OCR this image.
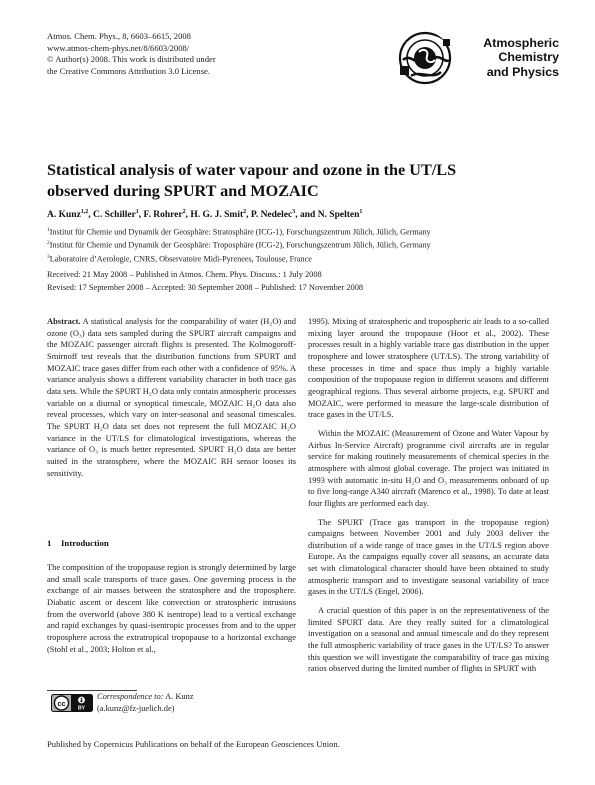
Atmos. Chem. Phys., 8, 6603–6615, 2008
www.atmos-chem-phys.net/8/6603/2008/
© Author(s) 2008. This work is distributed under
the Creative Commons Attribution 3.0 License.
Atmospheric
Chemistry
and Physics
Statistical analysis of water vapour and ozone in the UT/LS
observed during SPURT and MOZAIC
A. Kunz$^{1,2}$, C. Schiller$^1$, F. Rohrer$^2$, H. G. J. Smit$^2$, P. Nedelec$^3$, and N. Spelten$^1$
$^1$Institut für Chemie und Dynamik der Geosphäre: Stratosphäre (ICG-1), Forschungszentrum Jülich, Jülich, Germany
$^2$Institut für Chemie und Dynamik der Geosphäre: Troposphäre (ICG-2), Forschungszentrum Jülich, Jülich, Germany
$^3$Laboratoire d’Aerologie, CNRS, Observatoire Midi-Pyrenees, Toulouse, France
Received: 21 May 2008 – Published in Atmos. Chem. Phys. Discuss.: 1 July 2008
Revised: 17 September 2008 – Accepted: 30 September 2008 – Published: 17 November 2008

Abstract. A statistical analysis for the comparability of water (H₂O) and ozone (O₃) data sets sampled during the SPURT aircraft campaigns and the MOZAIC passenger aircraft flights is presented. The Kolmogoroff-Smirnoff test reveals that the distribution functions from SPURT and MOZAIC trace gases differ from each other with a confidence of 95%. A variance analysis shows a different variability character in both trace gas data sets. While the SPURT H₂O data only contain atmospheric processes variable on a diurnal or synoptical timescale, MOZAIC H₂O data also reveal processes, which vary on inter-seasonal and seasonal timescales. The SPURT H₂O data set does not represent the full MOZAIC H₂O variance in the UT/LS for climatological investigations, whereas the variance of O₃ is much better represented. SPURT H₂O data are better suited in the stratosphere, where the MOZAIC RH sensor looses its sensitivity.

1 Introduction

The composition of the tropopause region is strongly determined by large and small scale transports of trace gases. One governing process is the exchange of air masses between the stratosphere and the troposphere. Diabatic ascent or descent like convection or stratospheric intrusions from the overworld (above 380 K isentrope) lead to a vertical exchange and rapid exchanges by quasi-isentropic processes from and to the upper troposphere across the extratropical tropopause to a horizontal exchange (Stohl et al., 2003; Holton et al.,

1995). Mixing of stratospheric and tropospheric air leads to a so-called mixing layer around the tropopause (Hoor et al., 2002). These processes result in a highly variable trace gas distribution in the upper troposphere and lower stratosphere (UT/LS). The strong variability of these processes in time and space thus imply a highly variable composition of the tropopause region in different seasons and different geographical regions. Thus several airborne projects, e.g. SPURT and MOZAIC, were performed to measure the large-scale distribution of trace gases in the UT/LS.

Within the MOZAIC (Measurement of Ozone and Water Vapour by Airbus In-Service Aircraft) programme civil aircrafts are in regular service for making routinely measurements of chemical species in the atmosphere with almost global coverage. The project was initiated in 1993 with automatic in-situ H₂O and O₃ measurements onboard of up to five long-range A340 aircraft (Marenco et al., 1998). To date at least four flights are performed each day.

The SPURT (Trace gas transport in the tropopause region) campaigns between November 2001 and July 2003 deliver the distribution of a wide range of trace gases in the UT/LS region above Europe. As the campaigns equally cover all seasons, an accurate data set with climatological character should have been obtained to study atmospheric transport and to investigate seasonal variability of trace gases in the UT/LS (Engel, 2006).

A crucial question of this paper is on the representativeness of the limited SPURT data. Are they really suited for a climatological investigation on a seasonal and annual timescale and do they represent the full atmospheric variability of trace gases in the UT/LS? To answer this question we will investigate the comparability of trace gas mixing ratios observed during the limited number of flights in SPURT with

cc
BY
Correspondence to: A. Kunz
(a.kunz@fz-juelich.de)
Published by Copernicus Publications on behalf of the European Geosciences Union.
